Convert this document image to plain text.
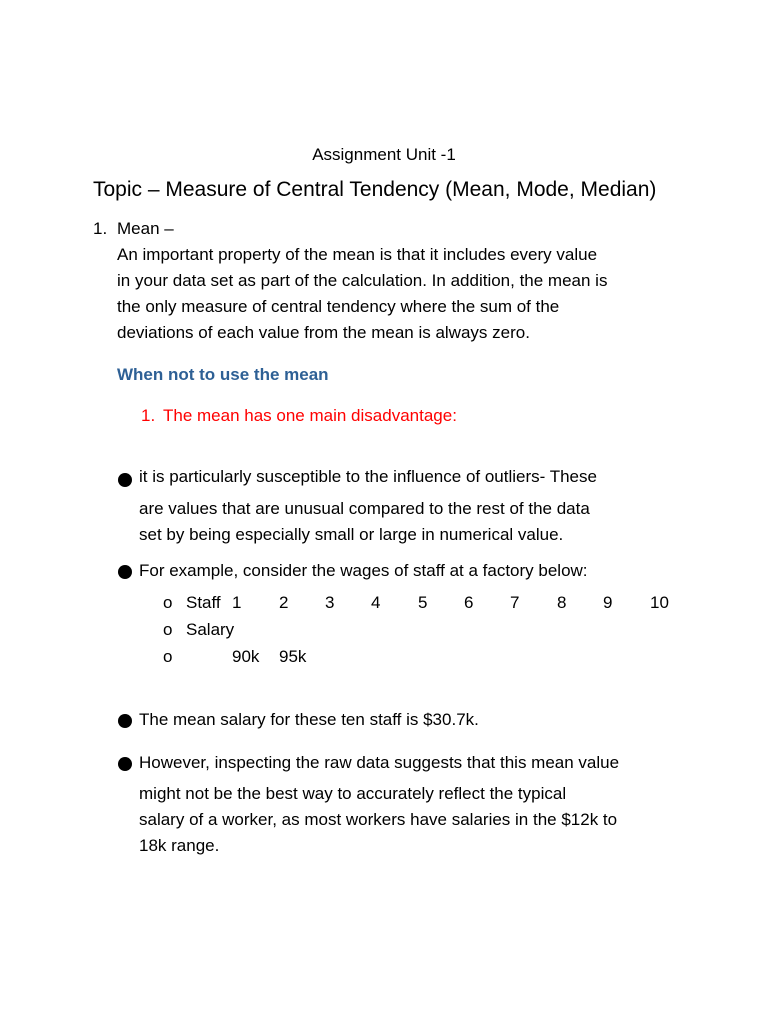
Assignment Unit -1
Topic – Measure of Central Tendency (Mean, Mode, Median)
1. Mean –
An important property of the mean is that it includes every value
in your data set as part of the calculation. In addition, the mean is
the only measure of central tendency where the sum of the
deviations of each value from the mean is always zero.
When not to use the mean
1. The mean has one main disadvantage:
it is particularly susceptible to the influence of outliers- These
are values that are unusual compared to the rest of the data
set by being especially small or large in numerical value.
For example, consider the wages of staff at a factory below:
o Staff 1 2 3 4 5 6 7 8 9 10
o Salary
o	90k 95k
The mean salary for these ten staff is $30.7k.
However, inspecting the raw data suggests that this mean value
might not be the best way to accurately reflect the typical
salary of a worker, as most workers have salaries in the $12k to
18k range.
